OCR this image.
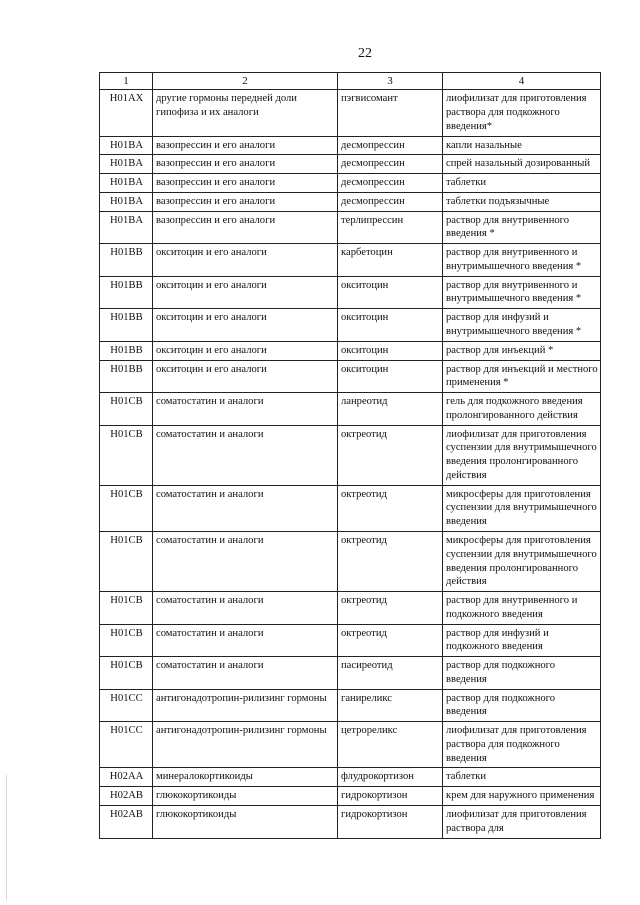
22
1	2	3	4
H01AX	другие гормоны передней доли гипофиза и их аналоги	пэгвисомант	лиофилизат для приготовления раствора для подкожного введения*
H01BA	вазопрессин и его аналоги	десмопрессин	капли назальные
H01BA	вазопрессин и его аналоги	десмопрессин	спрей назальный дозированный
H01BA	вазопрессин и его аналоги	десмопрессин	таблетки
H01BA	вазопрессин и его аналоги	десмопрессин	таблетки подъязычные
H01BA	вазопрессин и его аналоги	терлипрессин	раствор для внутривенного введения *
H01BB	окситоцин и его аналоги	карбетоцин	раствор для внутривенного и внутримышечного введения *
H01BB	окситоцин и его аналоги	окситоцин	раствор для внутривенного и внутримышечного введения *
H01BB	окситоцин и его аналоги	окситоцин	раствор для инфузий и внутримышечного введения *
H01BB	окситоцин и его аналоги	окситоцин	раствор для инъекций *
H01BB	окситоцин и его аналоги	окситоцин	раствор для инъекций и местного применения *
H01CB	соматостатин и аналоги	ланреотид	гель для подкожного введения пролонгированного действия
H01CB	соматостатин и аналоги	октреотид	лиофилизат для приготовления суспензии для внутримышечного введения пролонгированного действия
H01CB	соматостатин и аналоги	октреотид	микросферы для приготовления суспензии для внутримышечного введения
H01CB	соматостатин и аналоги	октреотид	микросферы для приготовления суспензии для внутримышечного введения пролонгированного действия
H01CB	соматостатин и аналоги	октреотид	раствор для внутривенного и подкожного введения
H01CB	соматостатин и аналоги	октреотид	раствор для инфузий и подкожного введения
H01CB	соматостатин и аналоги	пасиреотид	раствор для подкожного введения
H01CC	антигонадотропин-рилизинг гормоны	ганиреликс	раствор для подкожного введения
H01CC	антигонадотропин-рилизинг гормоны	цетрореликс	лиофилизат для приготовления раствора для подкожного введения
H02AA	минералокортикоиды	флудрокортизон	таблетки
H02AB	глюкокортикоиды	гидрокортизон	крем для наружного применения
H02AB	глюкокортикоиды	гидрокортизон	лиофилизат для приготовления раствора для
